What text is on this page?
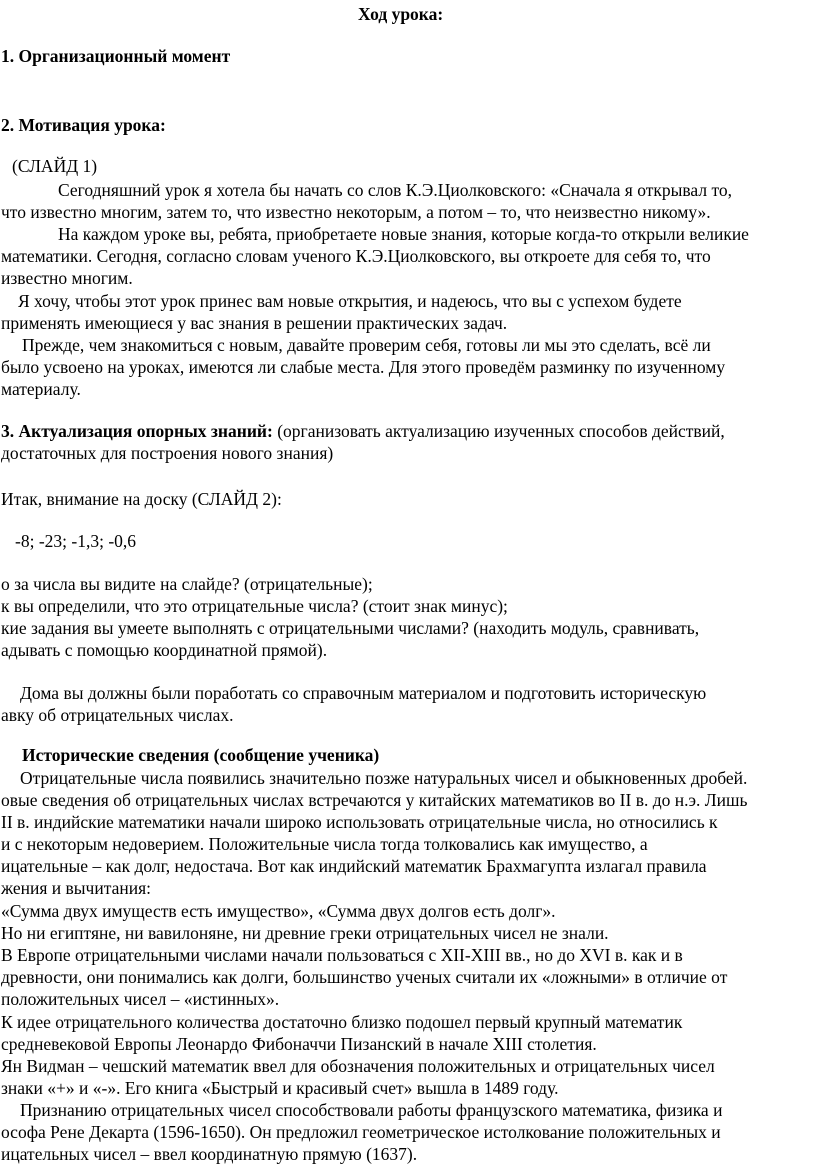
Ход урока:
1. Организационный момент
2. Мотивация урока:
(СЛАЙД 1)
Сегодняшний урок я хотела бы начать со слов К.Э.Циолковского: «Сначала я открывал то,
что известно многим, затем то, что известно некоторым, а потом – то, что неизвестно никому».
На каждом уроке вы, ребята, приобретаете новые знания, которые когда-то открыли великие
математики. Сегодня, согласно словам ученого К.Э.Циолковского, вы откроете для себя то, что
известно многим.
Я хочу, чтобы этот урок принес вам новые открытия, и надеюсь, что вы с успехом будете
применять имеющиеся у вас знания в решении практических задач.
Прежде, чем знакомиться с новым, давайте проверим себя, готовы ли мы это сделать, всё ли
было усвоено на уроках, имеются ли слабые места. Для этого проведём разминку по изученному
материалу.
3. Актуализация опорных знаний: (организовать актуализацию изученных способов действий,
достаточных для построения нового знания)
Итак, внимание на доску (СЛАЙД 2):
-8; -23; -1,3; -0,6
о за числа вы видите на слайде? (отрицательные);
к вы определили, что это отрицательные числа? (стоит знак минус);
кие задания вы умеете выполнять с отрицательными числами? (находить модуль, сравнивать,
адывать с помощью координатной прямой).
Дома вы должны были поработать со справочным материалом и подготовить историческую
авку об отрицательных числах.
Исторические сведения (сообщение ученика)
Отрицательные числа появились значительно позже натуральных чисел и обыкновенных дробей.
овые сведения об отрицательных числах встречаются у китайских математиков во II в. до н.э. Лишь
II в. индийские математики начали широко использовать отрицательные числа, но относились к
и с некоторым недоверием. Положительные числа тогда толковались как имущество, а
ицательные – как долг, недостача. Вот как индийский математик Брахмагупта излагал правила
жения и вычитания:
«Сумма двух имуществ есть имущество», «Сумма двух долгов есть долг».
Но ни египтяне, ни вавилоняне, ни древние греки отрицательных чисел не знали.
В Европе отрицательными числами начали пользоваться с XII-XIII вв., но до XVI в. как и в
древности, они понимались как долги, большинство ученых считали их «ложными» в отличие от
положительных чисел – «истинных».
К идее отрицательного количества достаточно близко подошел первый крупный математик
средневековой Европы Леонардо Фибоначчи Пизанский в начале XIII столетия.
Ян Видман – чешский математик ввел для обозначения положительных и отрицательных чисел
знаки «+» и «-». Его книга «Быстрый и красивый счет» вышла в 1489 году.
Признанию отрицательных чисел способствовали работы французского математика, физика и
ософа Рене Декарта (1596-1650). Он предложил геометрическое истолкование положительных и
ицательных чисел – ввел координатную прямую (1637).
